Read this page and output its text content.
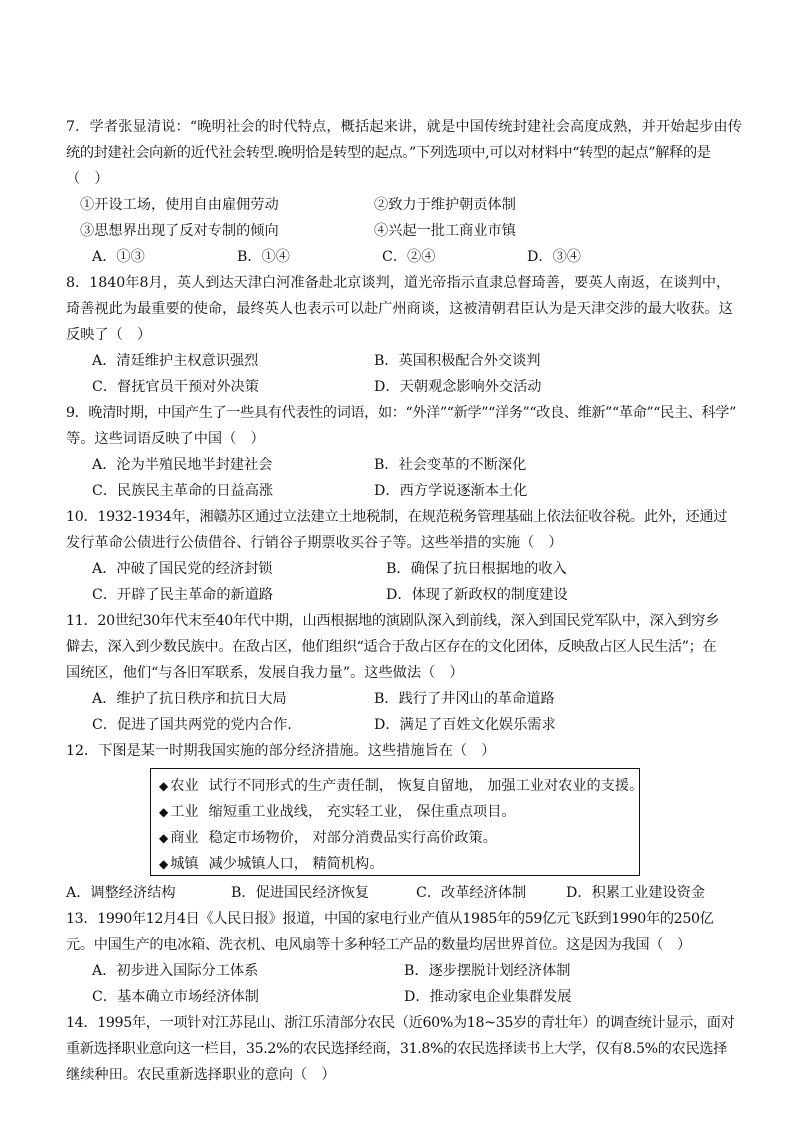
7．学者张显清说：“晚明社会的时代特点，概括起来讲，就是中国传统封建社会高度成熟，并开始起步由传
统的封建社会向新的近代社会转型.晚明恰是转型的起点。”下列选项中,可以对材料中“转型的起点”解释的是
（　）
①开设工场，使用自由雇佣劳动	②致力于维护朝贡体制
③思想界出现了反对专制的倾向	④兴起一批工商业市镇
A．①③	B．①④	C．②④	D．③④
8．1840年8月，英人到达天津白河准备赴北京谈判，道光帝指示直隶总督琦善，要英人南返，在谈判中，
琦善视此为最重要的使命，最终英人也表示可以赴广州商谈，这被清朝君臣认为是天津交涉的最大收获。这
反映了（　）
A．清廷维护主权意识强烈	B．英国积极配合外交谈判
C．督抚官员干预对外决策	D．天朝观念影响外交活动
9．晚清时期，中国产生了一些具有代表性的词语，如：“外洋”“新学”“洋务”“改良、维新”“革命”“民主、科学”
等。这些词语反映了中国（　）
A．沦为半殖民地半封建社会	B．社会变革的不断深化
C．民族民主革命的日益高涨	D．西方学说逐渐本土化
10．1932-1934年，湘赣苏区通过立法建立土地税制，在规范税务管理基础上依法征收谷税。此外，还通过
发行革命公债进行公债借谷、行销谷子期票收买谷子等。这些举措的实施（　）
A．冲破了国民党的经济封锁	B．确保了抗日根据地的收入
C．开辟了民主革命的新道路	D．体现了新政权的制度建设
11．20世纪30年代末至40年代中期，山西根据地的演剧队深入到前线，深入到国民党军队中，深入到穷乡
僻去，深入到少数民族中。在敌占区，他们组织“适合于敌占区存在的文化团体，反映敌占区人民生活”；在
国统区，他们“与各旧军联系，发展自我力量”。这些做法（　）
A．维护了抗日秩序和抗日大局	B．践行了井冈山的革命道路
C．促进了国共两党的党内合作.	D．满足了百姓文化娱乐需求
12．下图是某一时期我国实施的部分经济措施。这些措施旨在（　）
◆ 农业 试行不同形式的生产责任制， 恢复自留地， 加强工业对农业的支援。
◆ 工业 缩短重工业战线， 充实轻工业， 保住重点项目。
◆ 商业 稳定市场物价， 对部分消费品实行高价政策。
◆ 城镇 减少城镇人口， 精简机构。
A．调整经济结构	B．促进国民经济恢复	C．改革经济体制	D．积累工业建设资金
13．1990年12月4日《人民日报》报道，中国的家电行业产值从1985年的59亿元飞跃到1990年的250亿
元。中国生产的电冰箱、洗衣机、电风扇等十多种轻工产品的数量均居世界首位。这是因为我国（　）
A．初步进入国际分工体系	B．逐步摆脱计划经济体制
C．基本确立市场经济体制	D．推动家电企业集群发展
14．1995年，一项针对江苏昆山、浙江乐清部分农民（近60%为18~35岁的青壮年）的调查统计显示，面对
重新选择职业意向这一栏目，35.2%的农民选择经商，31.8%的农民选择读书上大学，仅有8.5%的农民选择
继续种田。农民重新选择职业的意向（　）
